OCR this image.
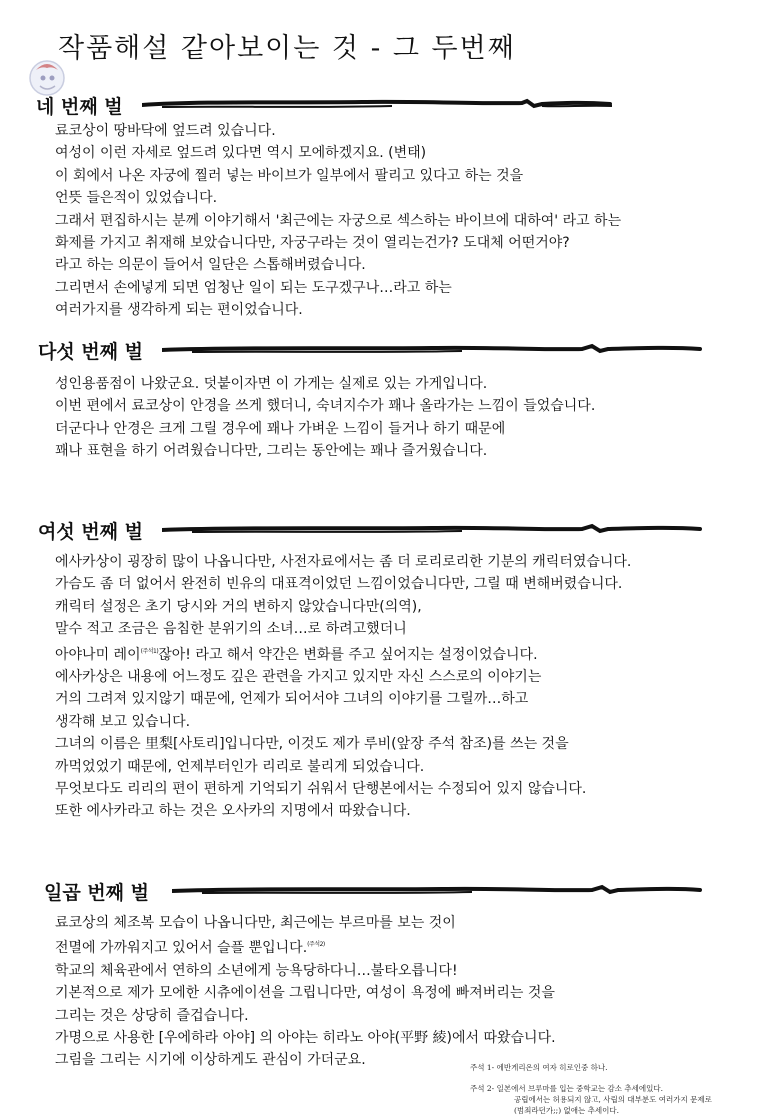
작품해설 같아보이는 것 - 그 두번째
네 번째 벌
료코상이 땅바닥에 엎드려 있습니다.
여성이 이런 자세로 엎드려 있다면 역시 모에하겠지요. (변태)
이 회에서 나온 자궁에 찔러 넣는 바이브가 일부에서 팔리고 있다고 하는 것을
언뜻 들은적이 있었습니다.
그래서 편집하시는 분께 이야기해서 '최근에는 자궁으로 섹스하는 바이브에 대하여' 라고 하는
화제를 가지고 취재해 보았습니다만, 자궁구라는 것이 열리는건가? 도대체 어떤거야?
라고 하는 의문이 들어서 일단은 스톱해버렸습니다.
그리면서 손에넣게 되면 엄청난 일이 되는 도구겠구나…라고 하는
여러가지를 생각하게 되는 편이었습니다.
다섯 번째 벌
성인용품점이 나왔군요. 덧붙이자면 이 가게는 실제로 있는 가게입니다.
이번 편에서 료코상이 안경을 쓰게 했더니, 숙녀지수가 꽤나 올라가는 느낌이 들었습니다.
더군다나 안경은 크게 그릴 경우에 꽤나 가벼운 느낌이 들거나 하기 때문에
꽤나 표현을 하기 어려웠습니다만, 그리는 동안에는 꽤나 즐거웠습니다.
여섯 번째 벌
에사카상이 굉장히 많이 나옵니다만, 사전자료에서는 좀 더 로리로리한 기분의 캐릭터였습니다.
가슴도 좀 더 없어서 완전히 빈유의 대표격이었던 느낌이었습니다만, 그릴 때 변해버렸습니다.
캐릭터 설정은 초기 당시와 거의 변하지 않았습니다만(의역),
말수 적고 조금은 음침한 분위기의 소녀…로 하려고했더니
아야나미 레이$^{(주석1)}$잖아! 라고 해서 약간은 변화를 주고 싶어지는 설정이었습니다.
에사카상은 내용에 어느정도 깊은 관련을 가지고 있지만 자신 스스로의 이야기는
거의 그려져 있지않기 때문에, 언제가 되어서야 그녀의 이야기를 그릴까…하고
생각해 보고 있습니다.
그녀의 이름은 里梨[사토리]입니다만, 이것도 제가 루비(앞장 주석 참조)를 쓰는 것을
까먹었었기 때문에, 언제부터인가 리리로 불리게 되었습니다.
무엇보다도 리리의 편이 편하게 기억되기 쉬워서 단행본에서는 수정되어 있지 않습니다.
또한 에사카라고 하는 것은 오사카의 지명에서 따왔습니다.
일곱 번째 벌
료코상의 체조복 모습이 나옵니다만, 최근에는 부르마를 보는 것이
전멸에 가까워지고 있어서 슬플 뿐입니다.$^{(주석2)}$
학교의 체육관에서 연하의 소년에게 능욕당하다니…불타오릅니다!
기본적으로 제가 모에한 시츄에이션을 그립니다만, 여성이 욕정에 빠져버리는 것을
그리는 것은 상당히 즐겁습니다.
가명으로 사용한 [우에하라 아야] 의 아야는 히라노 아야(平野 綾)에서 따왔습니다.
그림을 그리는 시기에 이상하게도 관심이 가더군요.	주석 1- 에반게리온의 여자 히로인중 하나.
주석 2- 일본에서 브루마를 입는 중학교는 감소 추세에있다.
공립에서는 허용되지 않고, 사립의 대부분도 여러가지 문제로
(범죄라던가;;) 없애는 추세이다.
